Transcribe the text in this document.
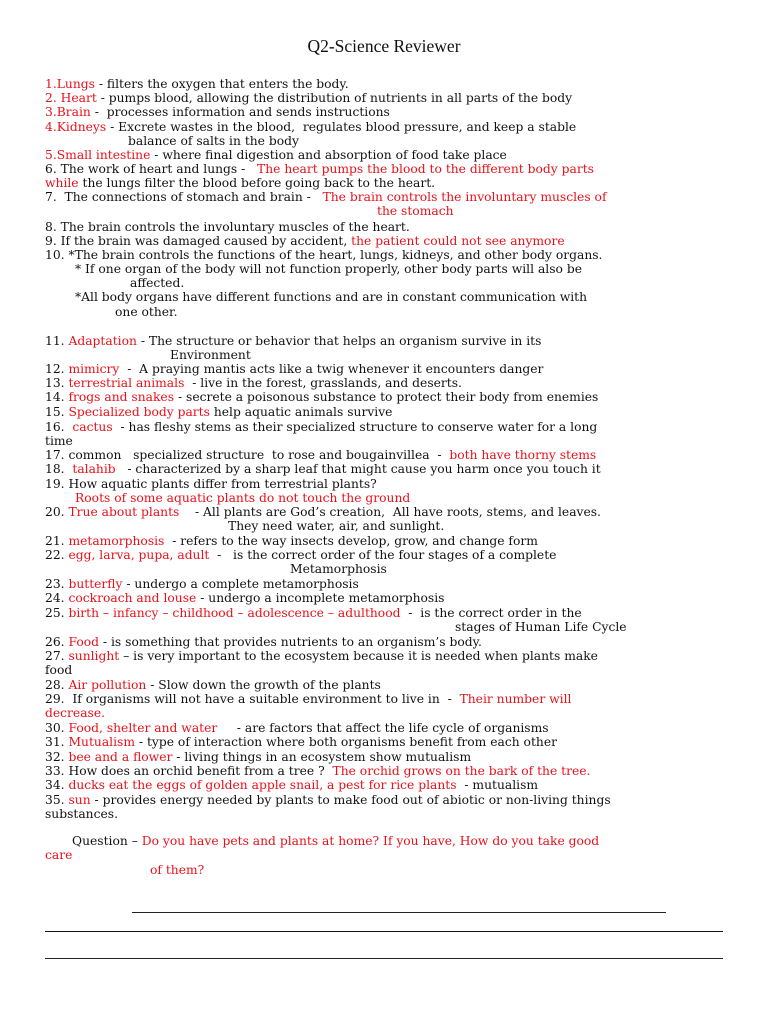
Q2-Science Reviewer
1.Lungs - filters the oxygen that enters the body.
2. Heart - pumps blood, allowing the distribution of nutrients in all parts of the body
3.Brain -  processes information and sends instructions
4.Kidneys - Excrete wastes in the blood,  regulates blood pressure, and keep a stable
balance of salts in the body
5.Small intestine - where final digestion and absorption of food take place
6. The work of heart and lungs -   The heart pumps the blood to the different body parts
while the lungs filter the blood before going back to the heart.
7.  The connections of stomach and brain -   The brain controls the involuntary muscles of
the stomach
8. The brain controls the involuntary muscles of the heart.
9. If the brain was damaged caused by accident, the patient could not see anymore
10. *The brain controls the functions of the heart, lungs, kidneys, and other body organs.
* If one organ of the body will not function properly, other body parts will also be
affected.
*All body organs have different functions and are in constant communication with
one other.
11. Adaptation - The structure or behavior that helps an organism survive in its
Environment
12. mimicry  -  A praying mantis acts like a twig whenever it encounters danger
13. terrestrial animals  - live in the forest, grasslands, and deserts.
14. frogs and snakes - secrete a poisonous substance to protect their body from enemies
15. Specialized body parts help aquatic animals survive
16.  cactus  - has fleshy stems as their specialized structure to conserve water for a long
time
17. common   specialized structure  to rose and bougainvillea  -  both have thorny stems
18.  talahib   - characterized by a sharp leaf that might cause you harm once you touch it
19. How aquatic plants differ from terrestrial plants?
Roots of some aquatic plants do not touch the ground
20. True about plants    - All plants are God’s creation,  All have roots, stems, and leaves.
They need water, air, and sunlight.
21. metamorphosis  - refers to the way insects develop, grow, and change form
22. egg, larva, pupa, adult  -   is the correct order of the four stages of a complete
Metamorphosis
23. butterfly - undergo a complete metamorphosis
24. cockroach and louse - undergo a incomplete metamorphosis
25. birth – infancy – childhood – adolescence – adulthood  -  is the correct order in the
stages of Human Life Cycle
26. Food - is something that provides nutrients to an organism’s body.
27. sunlight – is very important to the ecosystem because it is needed when plants make
food
28. Air pollution - Slow down the growth of the plants
29.  If organisms will not have a suitable environment to live in  -  Their number will
decrease.
30. Food, shelter and water     - are factors that affect the life cycle of organisms
31. Mutualism - type of interaction where both organisms benefit from each other
32. bee and a flower - living things in an ecosystem show mutualism
33. How does an orchid benefit from a tree ?  The orchid grows on the bark of the tree.
34. ducks eat the eggs of golden apple snail, a pest for rice plants  - mutualism
35. sun - provides energy needed by plants to make food out of abiotic or non-living things
substances.
Question – Do you have pets and plants at home? If you have, How do you take good
care
of them?
